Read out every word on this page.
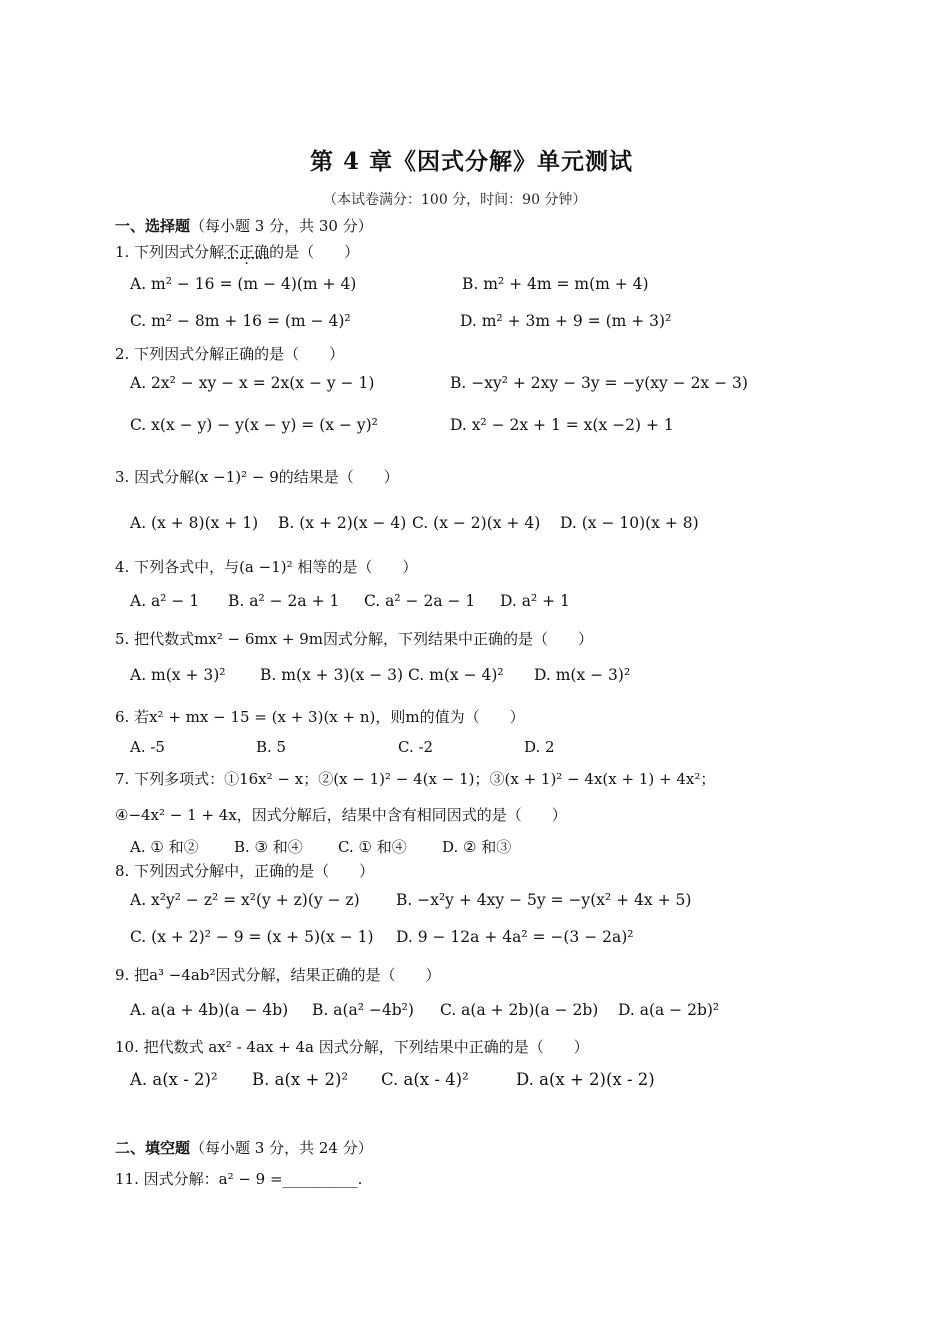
第 4 章《因式分解》单元测试
（本试卷满分：100 分，时间：90 分钟）
一、选择题（每小题 3 分，共 30 分）
1. 下列因式分解不正确的是（　　）
A. m² − 16 = (m − 4)(m + 4)	B. m² + 4m = m(m + 4)
C. m² − 8m + 16 = (m − 4)²	D. m² + 3m + 9 = (m + 3)²
2. 下列因式分解正确的是（　　）
A. 2x² − xy − x = 2x(x − y − 1)	B. −xy² + 2xy − 3y = −y(xy − 2x − 3)
C. x(x − y) − y(x − y) = (x − y)²	D. x² − 2x + 1 = x(x −2) + 1
3. 因式分解(x −1)² − 9的结果是（　　）
A. (x + 8)(x + 1) B. (x + 2)(x − 4) C. (x − 2)(x + 4) D. (x − 10)(x + 8)
4. 下列各式中，与(a −1)² 相等的是（　　）
A. a² − 1 B. a² − 2a + 1 C. a² − 2a − 1 D. a² + 1
5. 把代数式mx² − 6mx + 9m因式分解，下列结果中正确的是（　　）
A. m(x + 3)² B. m(x + 3)(x − 3) C. m(x − 4)² D. m(x − 3)²
6. 若x² + mx − 15 = (x + 3)(x + n)，则m的值为（　　）
A. -5	B. 5	C. -2	D. 2
7. 下列多项式：①16x² − x；②(x − 1)² − 4(x − 1)；③(x + 1)² − 4x(x + 1) + 4x²；
④−4x² − 1 + 4x，因式分解后，结果中含有相同因式的是（　　）
A. ① 和② B. ③ 和④ C. ① 和④ D. ② 和③
8. 下列因式分解中，正确的是（　　）
A. x²y² − z² = x²(y + z)(y − z) B. −x²y + 4xy − 5y = −y(x² + 4x + 5)
C. (x + 2)² − 9 = (x + 5)(x − 1) D. 9 − 12a + 4a² = −(3 − 2a)²
9. 把a³ −4ab²因式分解，结果正确的是（　　）
A. a(a + 4b)(a − 4b) B. a(a² −4b²) C. a(a + 2b)(a − 2b) D. a(a − 2b)²
10. 把代数式 ax² - 4ax + 4a 因式分解，下列结果中正确的是（　　）
A. a(x - 2)² B. a(x + 2)² C. a(x - 4)²	D. a(x + 2)(x - 2)
二、填空题（每小题 3 分，共 24 分）
11. 因式分解：a² − 9 =__________.
